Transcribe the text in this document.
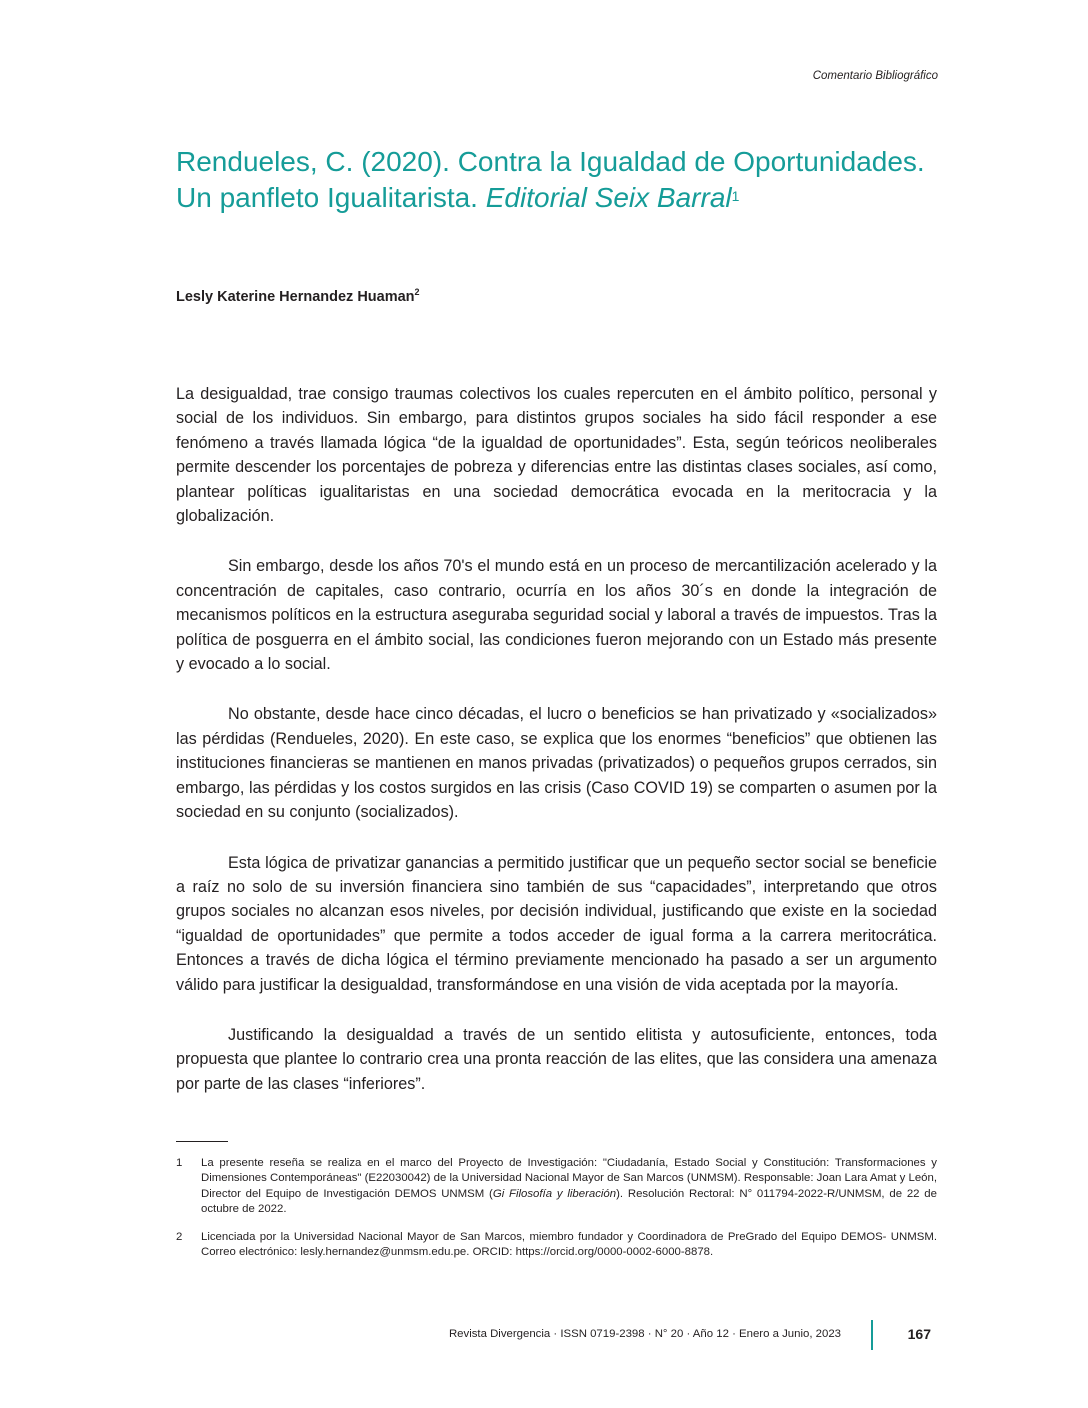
Comentario Bibliográfico
Rendueles, C. (2020). Contra la Igualdad de Oportunidades. Un panfleto Igualitarista. Editorial Seix Barral$^1$
Lesly Katerine Hernandez Huaman$^2$

La desigualdad, trae consigo traumas colectivos los cuales repercuten en el ámbito político, personal y social de los individuos. Sin embargo, para distintos grupos sociales ha sido fácil responder a ese fenómeno a través llamada lógica “de la igualdad de oportunidades”. Esta, según teóricos neoliberales permite descender los porcentajes de pobreza y diferencias entre las distintas clases sociales, así como, plantear políticas igualitaristas en una sociedad democrática evocada en la meritocracia y la globalización.

Sin embargo, desde los años 70's el mundo está en un proceso de mercantilización acelerado y la concentración de capitales, caso contrario, ocurría en los años 30´s en donde la integración de mecanismos políticos en la estructura aseguraba seguridad social y laboral a través de impuestos. Tras la política de posguerra en el ámbito social, las condiciones fueron mejorando con un Estado más presente y evocado a lo social.

No obstante, desde hace cinco décadas, el lucro o beneficios se han privatizado y «socializados» las pérdidas (Rendueles, 2020). En este caso, se explica que los enormes “beneficios” que obtienen las instituciones financieras se mantienen en manos privadas (privatizados) o pequeños grupos cerrados, sin embargo, las pérdidas y los costos surgidos en las crisis (Caso COVID 19) se comparten o asumen por la sociedad en su conjunto (socializados).

Esta lógica de privatizar ganancias a permitido justificar que un pequeño sector social se beneficie a raíz no solo de su inversión financiera sino también de sus “capacidades”, interpretando que otros grupos sociales no alcanzan esos niveles, por decisión individual, justificando que existe en la sociedad “igualdad de oportunidades” que permite a todos acceder de igual forma a la carrera meritocrática. Entonces a través de dicha lógica el término previamente mencionado ha pasado a ser un argumento válido para justificar la desigualdad, transformándose en una visión de vida aceptada por la mayoría.

Justificando la desigualdad a través de un sentido elitista y autosuficiente, entonces, toda propuesta que plantee lo contrario crea una pronta reacción de las elites, que las considera una amenaza por parte de las clases “inferiores”.

1	La presente reseña se realiza en el marco del Proyecto de Investigación: "Ciudadanía, Estado Social y Constitución: Transformaciones y Dimensiones Contemporáneas" (E22030042) de la Universidad Nacional Mayor de San Marcos (UNMSM). Responsable: Joan Lara Amat y León, Director del Equipo de Investigación DEMOS UNMSM (Gi Filosofía y liberación). Resolución Rectoral: N° 011794-2022-R/UNMSM, de 22 de octubre de 2022.
2	Licenciada por la Universidad Nacional Mayor de San Marcos, miembro fundador y Coordinadora de PreGrado del Equipo DEMOS- UNMSM. Correo electrónico: lesly.hernandez@unmsm.edu.pe. ORCID: https://orcid.org/0000-0002-6000-8878.
Revista Divergencia · ISSN 0719-2398 · N° 20 · Año 12 · Enero a Junio, 2023	167
